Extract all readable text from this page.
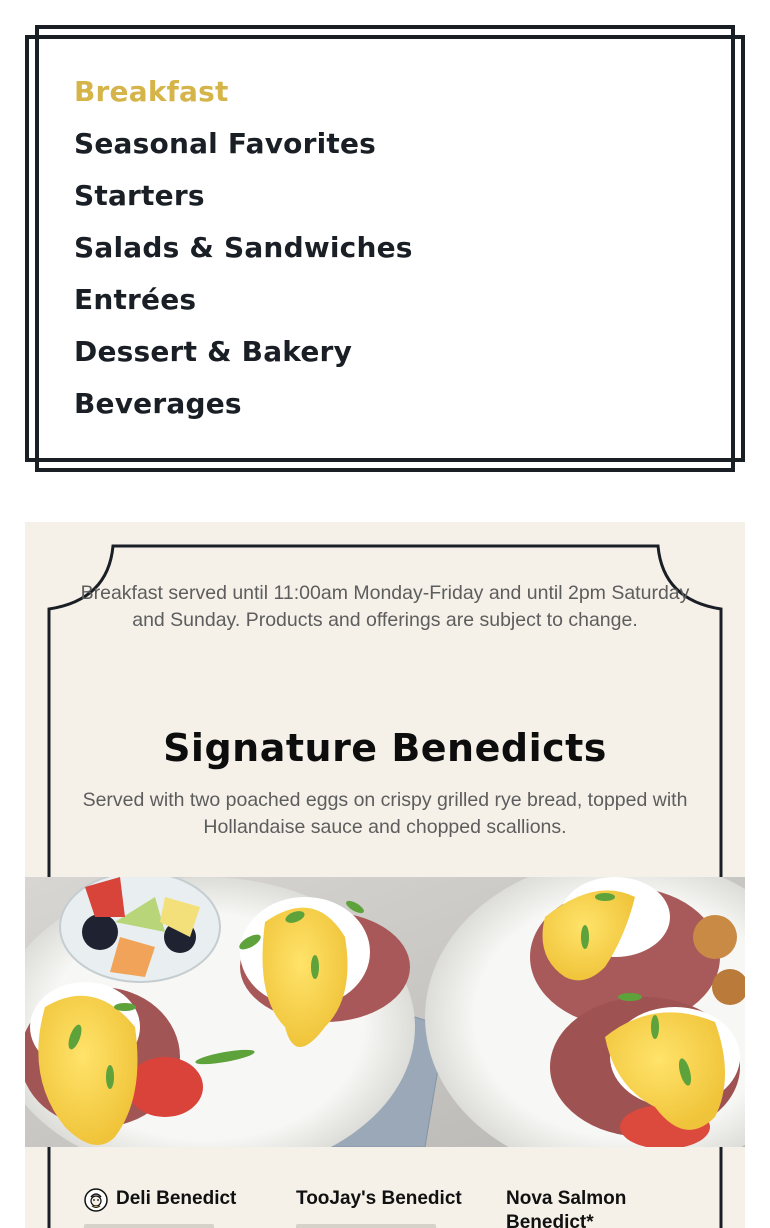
Breakfast
Seasonal Favorites
Starters
Salads & Sandwiches
Entrées
Dessert & Bakery
Beverages

Breakfast served until 11:00am Monday-Friday and until 2pm Saturday and Sunday. Products and offerings are subject to change.

Signature Benedicts

Served with two poached eggs on crispy grilled rye bread, topped with Hollandaise sauce and chopped scallions.

Deli Benedict	TooJay's Benedict Nova Salmon Benedict*
